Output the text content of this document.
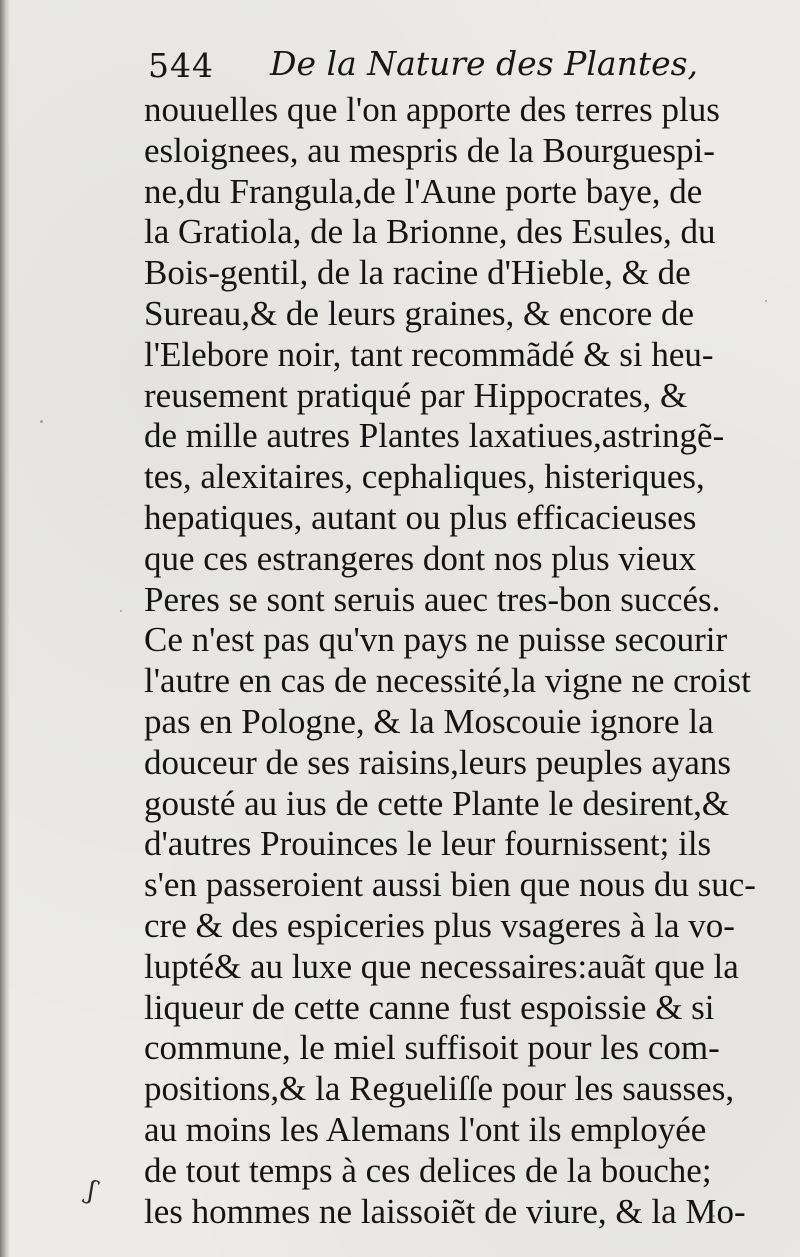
544 De la Nature des Plantes,
nouuelles que l'on apporte des terres plus
esloignees, au mespris de la Bourguespi-
ne,du Frangula,de l'Aune porte baye, de
la Gratiola, de la Brionne, des Esules, du
Bois-gentil, de la racine d'Hieble, & de
Sureau,& de leurs graines, & encore de
l'Elebore noir, tant recommãdé & si heu-
reusement pratiqué par Hippocrates, &
de mille autres Plantes laxatiues,astringẽ-
tes, alexitaires, cephaliques, histeriques,
hepatiques, autant ou plus efficacieuses
que ces estrangeres dont nos plus vieux
Peres se sont seruis auec tres-bon succés.
Ce n'est pas qu'vn pays ne puisse secourir
l'autre en cas de necessité,la vigne ne croist
pas en Pologne, & la Moscouie ignore la
douceur de ses raisins,leurs peuples ayans
gousté au ius de cette Plante le desirent,&
d'autres Prouinces le leur fournissent; ils
s'en passeroient aussi bien que nous du suc-
cre & des espiceries plus vsageres à la vo-
lupté& au luxe que necessaires:auãt que la
liqueur de cette canne fust espoissie & si
commune, le miel suffisoit pour les com-
positions,& la Regueliſſe pour les sausses,
au moins les Alemans l'ont ils employée
de tout temps à ces delices de la bouche;
les hommes ne laissoiẽt de viure, & la Mo-
ʃ
